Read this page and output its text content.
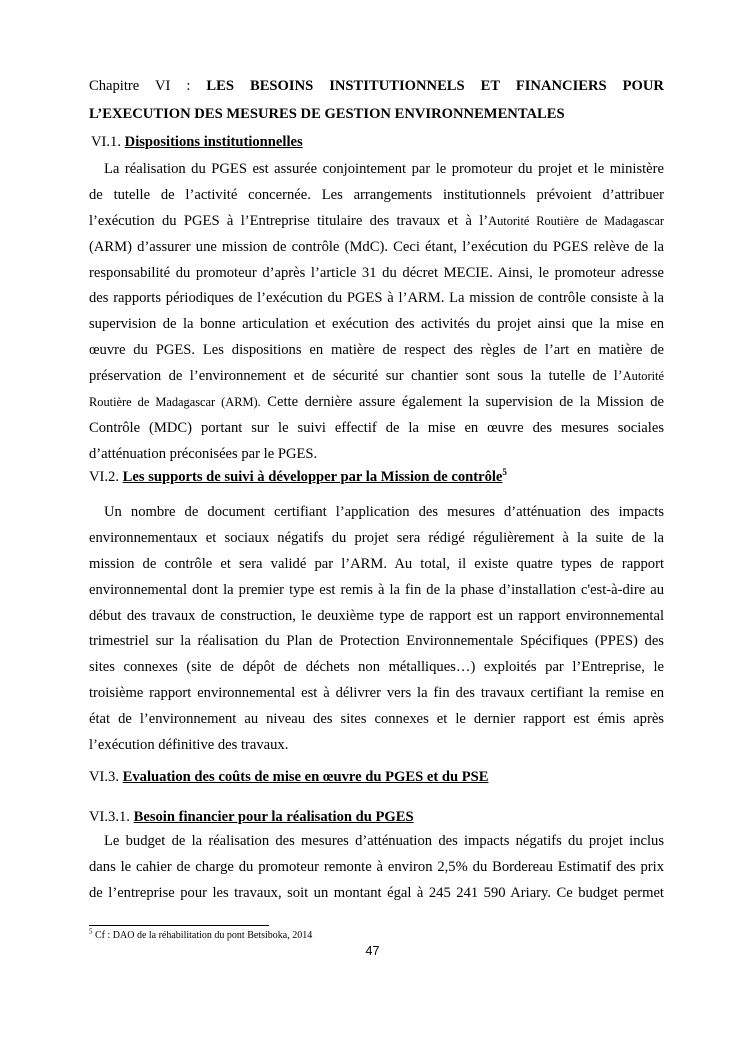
Chapitre VI : LES BESOINS INSTITUTIONNELS ET FINANCIERS POUR
L’EXECUTION DES MESURES DE GESTION ENVIRONNEMENTALES
VI.1. Dispositions institutionnelles
La réalisation du PGES est assurée conjointement par le promoteur du projet et le ministère
de tutelle de l’activité concernée. Les arrangements institutionnels prévoient d’attribuer
l’exécution du PGES à l’Entreprise titulaire des travaux et à l’Autorité Routière de Madagascar
(ARM) d’assurer une mission de contrôle (MdC). Ceci étant, l’exécution du PGES relève de la
responsabilité du promoteur d’après l’article 31 du décret MECIE. Ainsi, le promoteur adresse
des rapports périodiques de l’exécution du PGES à l’ARM. La mission de contrôle consiste à la
supervision de la bonne articulation et exécution des activités du projet ainsi que la mise en
œuvre du PGES. Les dispositions en matière de respect des règles de l’art en matière de
préservation de l’environnement et de sécurité sur chantier sont sous la tutelle de l’Autorité
Routière de Madagascar (ARM). Cette dernière assure également la supervision de la Mission de
Contrôle (MDC) portant sur le suivi effectif de la mise en œuvre des mesures sociales
d’atténuation préconisées par le PGES.
VI.2. Les supports de suivi à développer par la Mission de contrôle$^5$
Un nombre de document certifiant l’application des mesures d’atténuation des impacts
environnementaux et sociaux négatifs du projet sera rédigé régulièrement à la suite de la
mission de contrôle et sera validé par l’ARM. Au total, il existe quatre types de rapport
environnemental dont la premier type est remis à la fin de la phase d’installation c'est-à-dire au
début des travaux de construction, le deuxième type de rapport est un rapport environnemental
trimestriel sur la réalisation du Plan de Protection Environnementale Spécifiques (PPES) des
sites connexes (site de dépôt de déchets non métalliques…) exploités par l’Entreprise, le
troisième rapport environnemental est à délivrer vers la fin des travaux certifiant la remise en
état de l’environnement au niveau des sites connexes et le dernier rapport est émis après
l’exécution définitive des travaux.
VI.3. Evaluation des coûts de mise en œuvre du PGES et du PSE
VI.3.1. Besoin financier pour la réalisation du PGES
Le budget de la réalisation des mesures d’atténuation des impacts négatifs du projet inclus
dans le cahier de charge du promoteur remonte à environ 2,5% du Bordereau Estimatif des prix
de l’entreprise pour les travaux, soit un montant égal à 245 241 590 Ariary. Ce budget permet
$^5$ Cf : DAO de la réhabilitation du pont Betsiboka, 2014
47
